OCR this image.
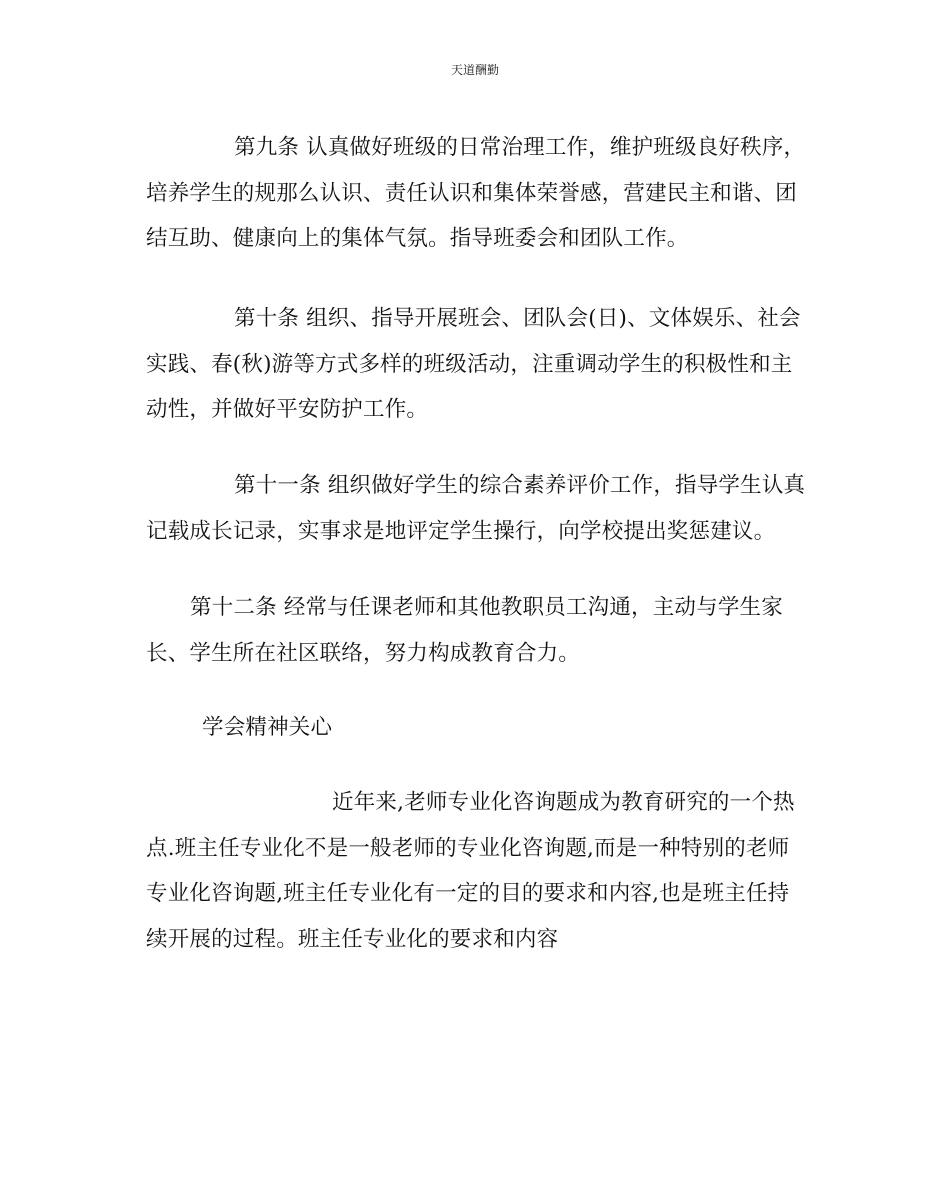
天道酬勤
第九条 认真做好班级的日常治理工作，维护班级良好秩序，
培养学生的规那么认识、责任认识和集体荣誉感，营建民主和谐、团
结互助、健康向上的集体气氛。指导班委会和团队工作。
第十条 组织、指导开展班会、团队会(日)、文体娱乐、社会
实践、春(秋)游等方式多样的班级活动，注重调动学生的积极性和主
动性，并做好平安防护工作。
第十一条 组织做好学生的综合素养评价工作，指导学生认真
记载成长记录，实事求是地评定学生操行，向学校提出奖惩建议。
第十二条 经常与任课老师和其他教职员工沟通，主动与学生家
长、学生所在社区联络，努力构成教育合力。
学会精神关心
近年来,老师专业化咨询题成为教育研究的一个热
点.班主任专业化不是一般老师的专业化咨询题,而是一种特别的老师
专业化咨询题,班主任专业化有一定的目的要求和内容,也是班主任持
续开展的过程。班主任专业化的要求和内容
